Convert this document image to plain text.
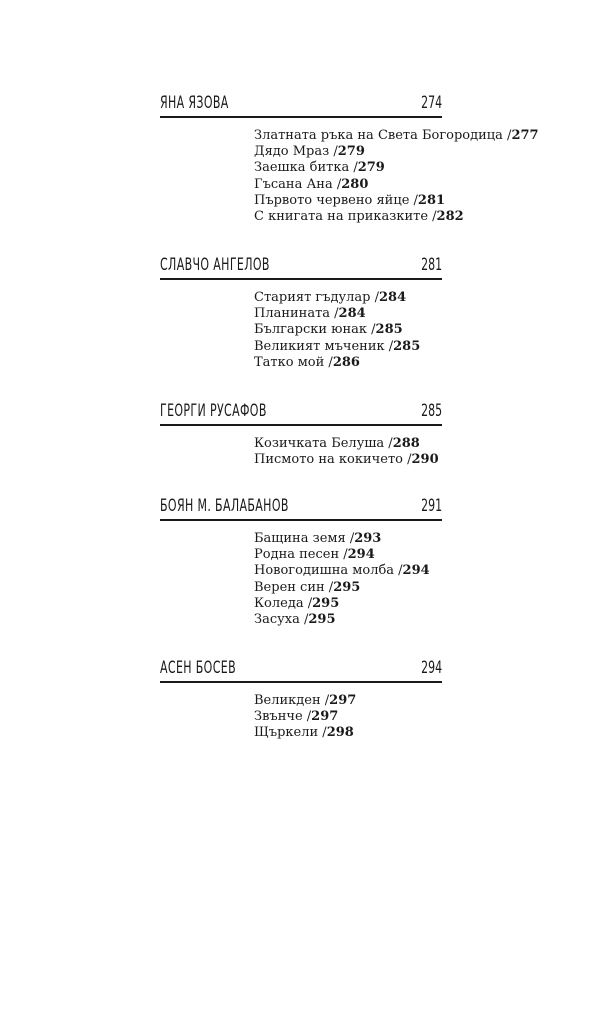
ЯНА ЯЗОВА	274
Златната ръка на Света Богородица /277
Дядо Мраз /279
Заешка битка /279
Гъсана Ана /280
Първото червено яйце /281
С книгата на приказките /282
СЛАВЧО АНГЕЛОВ	281
Старият гъдулар /284
Планината /284
Български юнак /285
Великият мъченик /285
Татко мой /286
ГЕОРГИ РУСАФОВ	285
Козичката Белуша /288
Писмото на кокичето /290
БОЯН М. БАЛАБАНОВ	291
Бащина земя /293
Родна песен /294
Новогодишна молба /294
Верен син /295
Коледа /295
Засуха /295
АСЕН БОСЕВ	294
Великден /297
Звънче /297
Щъркели /298
